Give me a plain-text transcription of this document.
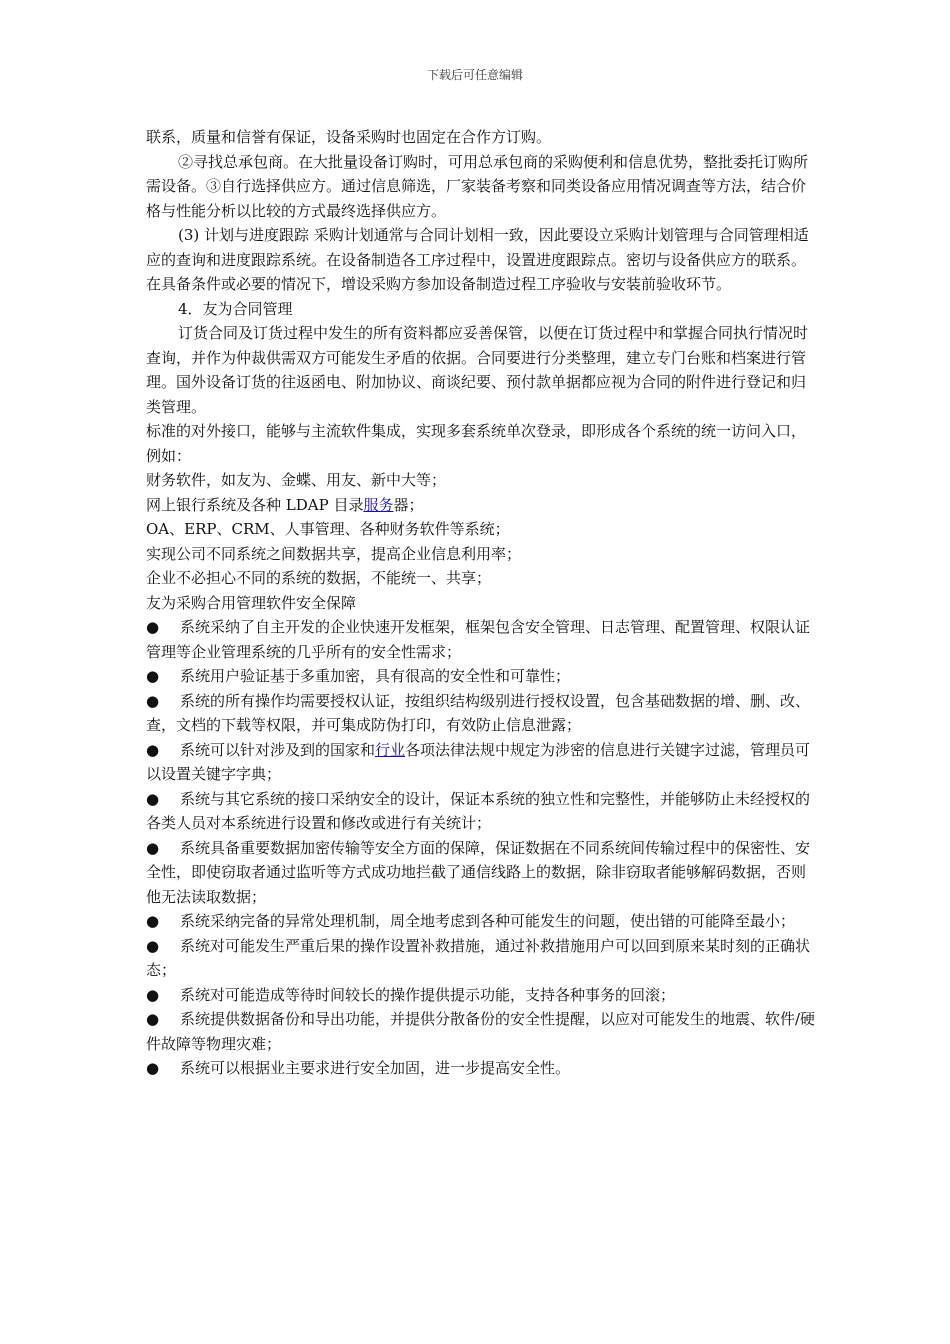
下载后可任意编辑

联系，质量和信誉有保证，设备采购时也固定在合作方订购。

②寻找总承包商。在大批量设备订购时，可用总承包商的采购便利和信息优势，整批委托订购所需设备。③自行选择供应方。通过信息筛选，厂家装备考察和同类设备应用情况调查等方法，结合价格与性能分析以比较的方式最终选择供应方。

(3) 计划与进度跟踪 采购计划通常与合同计划相一致，因此要设立采购计划管理与合同管理相适应的查询和进度跟踪系统。在设备制造各工序过程中，设置进度跟踪点。密切与设备供应方的联系。在具备条件或必要的情况下，增设采购方参加设备制造过程工序验收与安装前验收环节。

4．友为合同管理

订货合同及订货过程中发生的所有资料都应妥善保管，以便在订货过程中和掌握合同执行情况时查询，并作为仲裁供需双方可能发生矛盾的依据。合同要进行分类整理，建立专门台账和档案进行管理。国外设备订货的往返函电、附加协议、商谈纪要、预付款单据都应视为合同的附件进行登记和归类管理。

标准的对外接口，能够与主流软件集成，实现多套系统单次登录，即形成各个系统的统一访问入口，例如：

财务软件，如友为、金蝶、用友、新中大等；

网上银行系统及各种 LDAP 目录服务器；

OA、ERP、CRM、人事管理、各种财务软件等系统；

实现公司不同系统之间数据共享，提高企业信息利用率；

企业不必担心不同的系统的数据，不能统一、共享；

友为采购合用管理软件安全保障

● 系统采纳了自主开发的企业快速开发框架，框架包含安全管理、日志管理、配置管理、权限认证管理等企业管理系统的几乎所有的安全性需求；

● 系统用户验证基于多重加密，具有很高的安全性和可靠性；

● 系统的所有操作均需要授权认证，按组织结构级别进行授权设置，包含基础数据的增、删、改、查，文档的下载等权限，并可集成防伪打印，有效防止信息泄露；

● 系统可以针对涉及到的国家和行业各项法律法规中规定为涉密的信息进行关键字过滤，管理员可以设置关键字字典；

● 系统与其它系统的接口采纳安全的设计，保证本系统的独立性和完整性，并能够防止未经授权的各类人员对本系统进行设置和修改或进行有关统计；

● 系统具备重要数据加密传输等安全方面的保障，保证数据在不同系统间传输过程中的保密性、安全性，即使窃取者通过监听等方式成功地拦截了通信线路上的数据，除非窃取者能够解码数据，否则他无法读取数据；

● 系统采纳完备的异常处理机制，周全地考虑到各种可能发生的问题，使出错的可能降至最小；

● 系统对可能发生严重后果的操作设置补救措施，通过补救措施用户可以回到原来某时刻的正确状态；

● 系统对可能造成等待时间较长的操作提供提示功能，支持各种事务的回滚；

● 系统提供数据备份和导出功能，并提供分散备份的安全性提醒，以应对可能发生的地震、软件/硬件故障等物理灾难；

● 系统可以根据业主要求进行安全加固，进一步提高安全性。
